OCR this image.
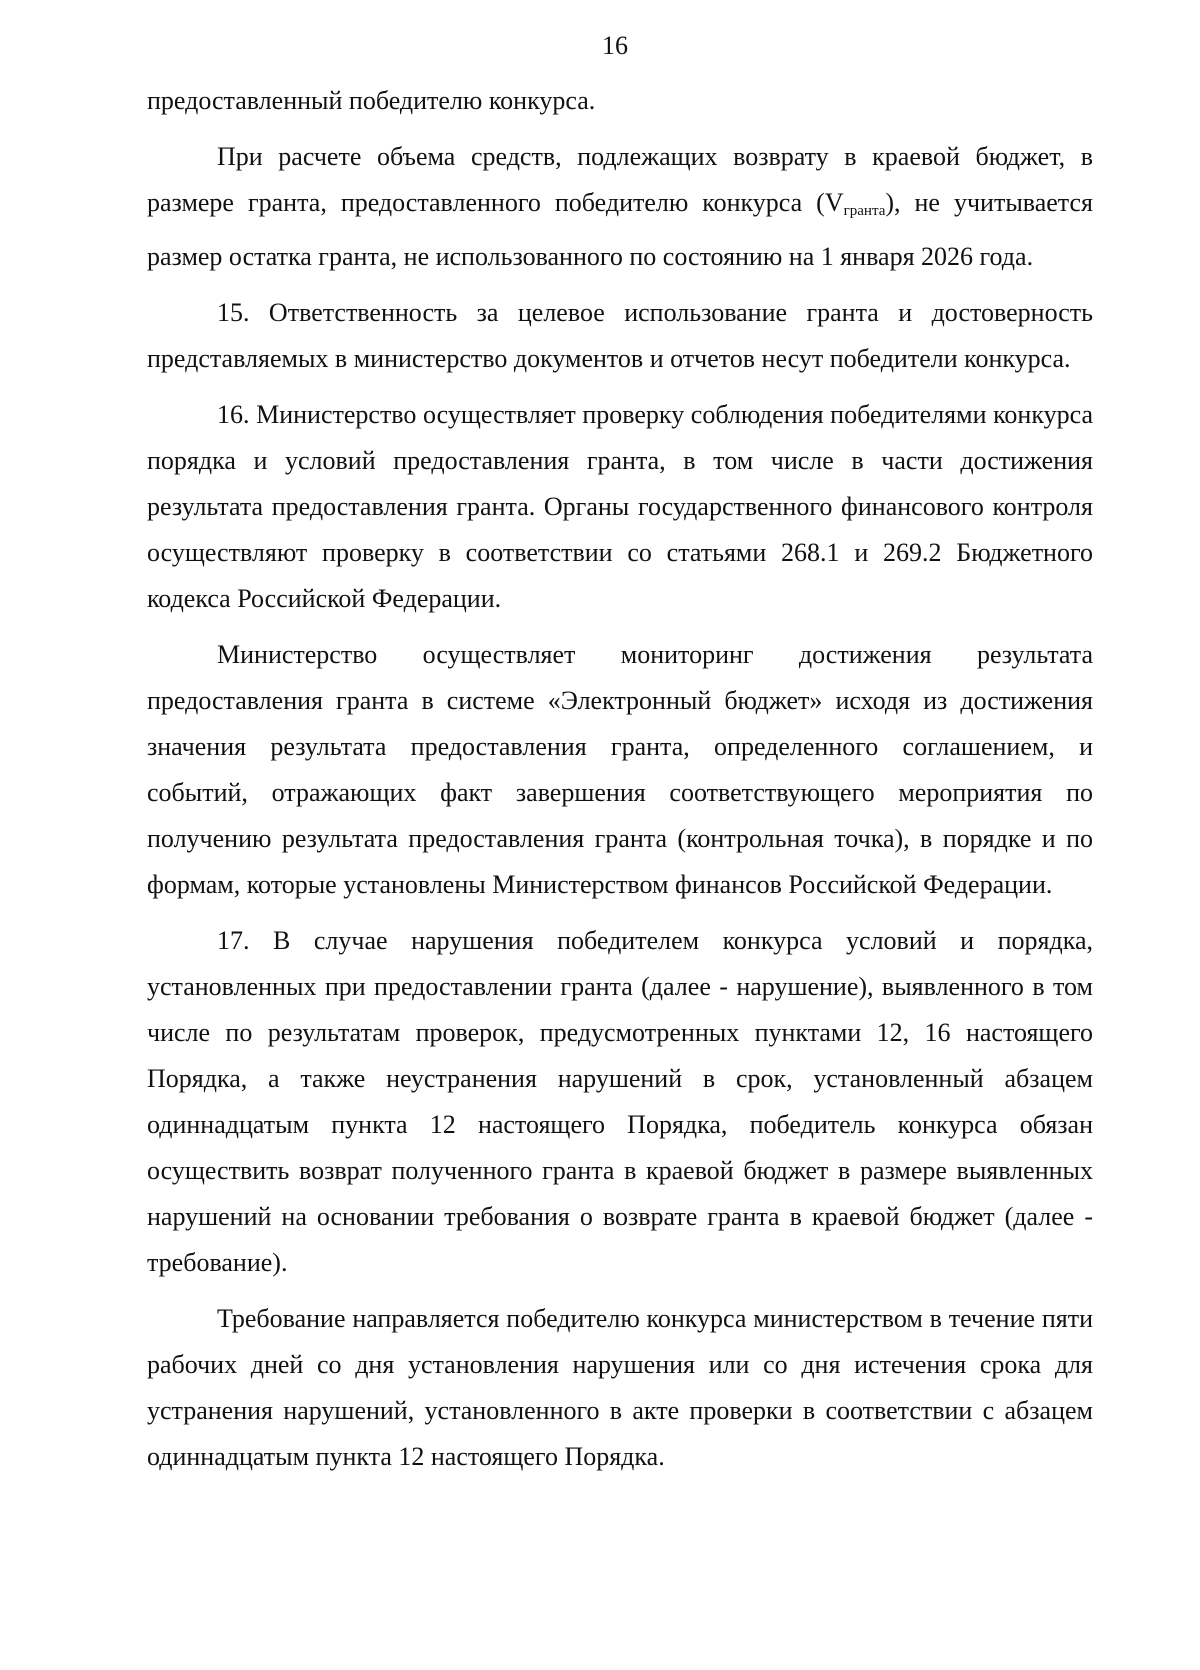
16

предоставленный победителю конкурса.

При расчете объема средств, подлежащих возврату в краевой бюджет, в размере гранта, предоставленного победителю конкурса $(V_{гранта})$, не учитывается размер остатка гранта, не использованного по состоянию на 1 января 2026 года.

15. Ответственность за целевое использование гранта и достоверность представляемых в министерство документов и отчетов несут победители конкурса.

16. Министерство осуществляет проверку соблюдения победителями конкурса порядка и условий предоставления гранта, в том числе в части достижения результата предоставления гранта. Органы государственного финансового контроля осуществляют проверку в соответствии со статьями 268.1 и 269.2 Бюджетного кодекса Российской Федерации.

Министерство осуществляет мониторинг достижения результата предоставления гранта в системе «Электронный бюджет» исходя из достижения значения результата предоставления гранта, определенного соглашением, и событий, отражающих факт завершения соответствующего мероприятия по получению результата предоставления гранта (контрольная точка), в порядке и по формам, которые установлены Министерством финансов Российской Федерации.

17. В случае нарушения победителем конкурса условий и порядка, установленных при предоставлении гранта (далее - нарушение), выявленного в том числе по результатам проверок, предусмотренных пунктами 12, 16 настоящего Порядка, а также неустранения нарушений в срок, установленный абзацем одиннадцатым пункта 12 настоящего Порядка, победитель конкурса обязан осуществить возврат полученного гранта в краевой бюджет в размере выявленных нарушений на основании требования о возврате гранта в краевой бюджет (далее - требование).

Требование направляется победителю конкурса министерством в течение пяти рабочих дней со дня установления нарушения или со дня истечения срока для устранения нарушений, установленного в акте проверки в соответствии с абзацем одиннадцатым пункта 12 настоящего Порядка.
